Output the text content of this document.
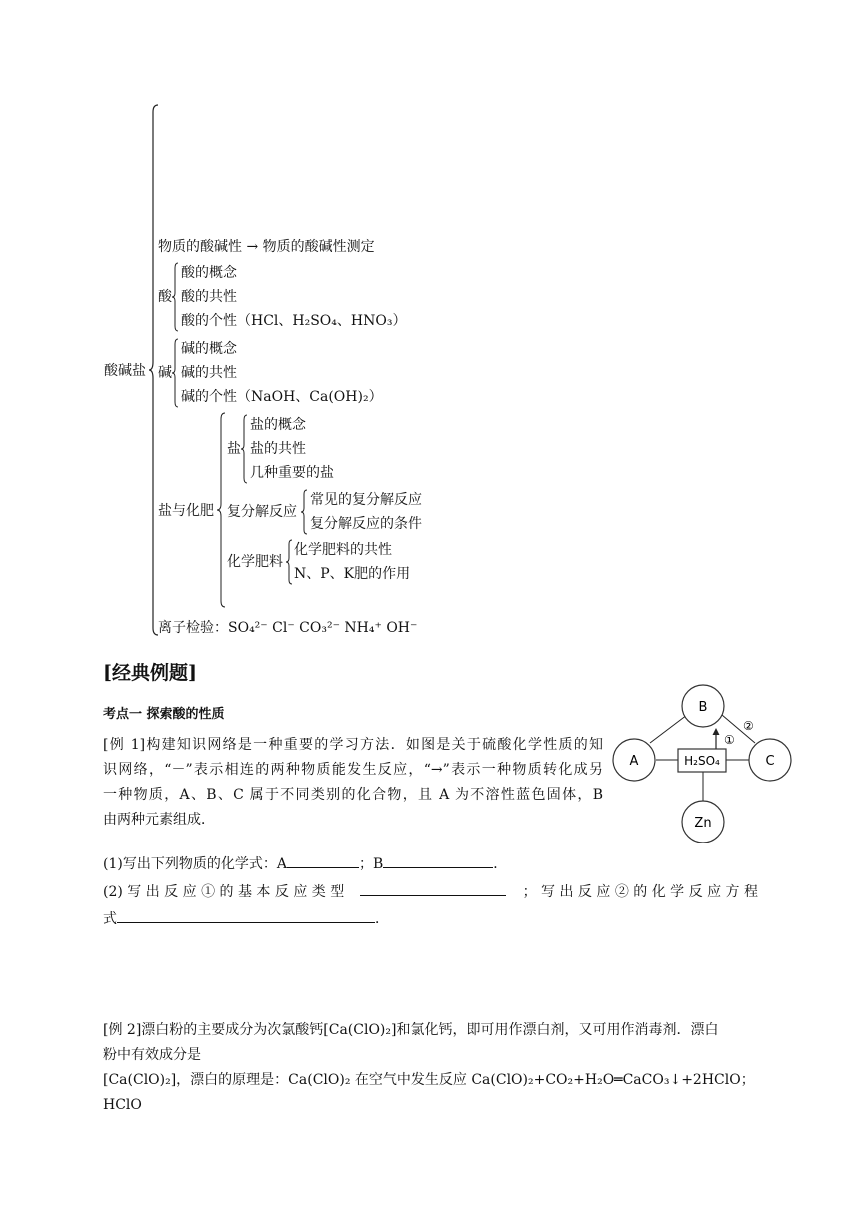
酸碱盐
物质的酸碱性 → 物质的酸碱性测定
酸
酸的概念
酸的共性
酸的个性（HCl、H₂SO₄、HNO₃）
碱
碱的概念
碱的共性
碱的个性（NaOH、Ca(OH)₂）
盐与化肥
盐
盐的概念
盐的共性
几种重要的盐
复分解反应
常见的复分解反应
复分解反应的条件
化学肥料
化学肥料的共性
N、P、K肥的作用
离子检验：SO₄²⁻ Cl⁻ CO₃²⁻ NH₄⁺ OH⁻
[经典例题]
考点一 探索酸的性质
[例 1]构建知识网络是一种重要的学习方法．如图是关于硫酸化学性质的知
识网络，“－”表示相连的两种物质能发生反应，“→”表示一种物质转化成另
一种物质，A、B、C 属于不同类别的化合物，且 A 为不溶性蓝色固体，B
由两种元素组成．
(1)写出下列物质的化学式：A	；B	．
(2) 写 出 反 应 ① 的 基 本 反 应 类 型	； 写 出 反 应 ② 的 化 学 反 应 方 程
式	．
B
A	C
Zn
H₂SO₄
①
②
[例 2]漂白粉的主要成分为次氯酸钙[Ca(ClO)₂]和氯化钙，即可用作漂白剂，又可用作消毒剂．漂白
粉中有效成分是
[Ca(ClO)₂]，漂白的原理是：Ca(ClO)₂ 在空气中发生反应 Ca(ClO)₂+CO₂+H₂O═CaCO₃↓+2HClO；HClO
